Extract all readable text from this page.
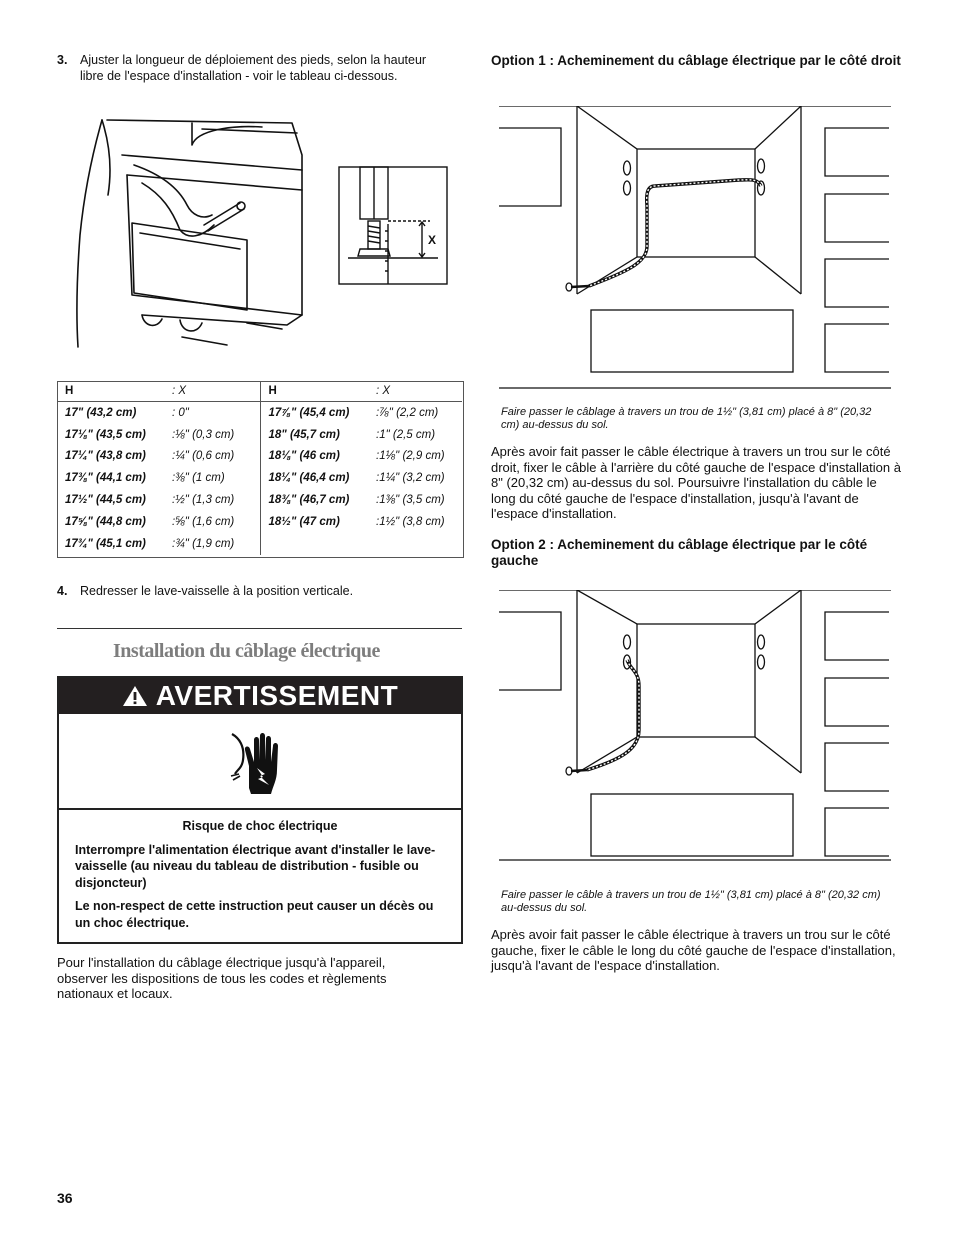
3. Ajuster la longueur de déploiement des pieds, selon la hauteur libre de l'espace d'installation - voir le tableau ci-dessous.
X
H	: X	H	: X
17" (43,2 cm)	: 0"	17⅞" (45,4 cm)	:⅞" (2,2 cm)
17⅛" (43,5 cm)	:⅛" (0,3 cm)	18" (45,7 cm)	:1" (2,5 cm)
17¼" (43,8 cm)	:¼" (0,6 cm)	18⅛" (46 cm)	:1⅛" (2,9 cm)
17⅜" (44,1 cm)	:⅜" (1 cm)	18¼" (46,4 cm)	:1¼" (3,2 cm)
17½" (44,5 cm)	:½" (1,3 cm)	18⅜" (46,7 cm)	:1⅜" (3,5 cm)
17⅝" (44,8 cm)	:⅝" (1,6 cm)	18½" (47 cm)	:1½" (3,8 cm)
17¾" (45,1 cm)	:¾" (1,9 cm)		
4. Redresser le lave-vaisselle à la position verticale.
Installation du câblage électrique
AVERTISSEMENT
Risque de choc électrique
Interrompre l'alimentation électrique avant d'installer le lave-vaisselle (au niveau du tableau de distribution - fusible ou disjoncteur)
Le non-respect de cette instruction peut causer un décès ou un choc électrique.
Pour l'installation du câblage électrique jusqu'à l'appareil, observer les dispositions de tous les codes et règlements nationaux et locaux.
36
Option 1 : Acheminement du câblage électrique par le côté droit
Faire passer le câblage à travers un trou de 1½" (3,81 cm) placé à 8" (20,32 cm) au-dessus du sol.
Après avoir fait passer le câble électrique à travers un trou sur le côté droit, fixer le câble à l'arrière du côté gauche de l'espace d'installation à 8" (20,32 cm) au-dessus du sol. Poursuivre l'installation du câble le long du côté gauche de l'espace d'installation, jusqu'à l'avant de l'espace d'installation.
Option 2 : Acheminement du câblage électrique par le côté gauche
Faire passer le câble à travers un trou de 1½" (3,81 cm) placé à 8" (20,32 cm) au-dessus du sol.
Après avoir fait passer le câble électrique à travers un trou sur le côté gauche, fixer le câble le long du côté gauche de l'espace d'installation, jusqu'à l'avant de l'espace d'installation.
